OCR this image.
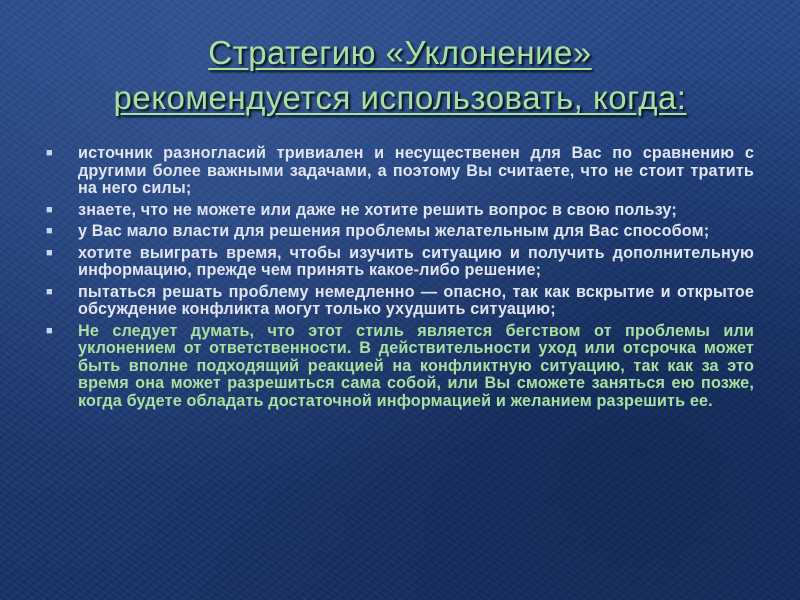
Стратегию «Уклонение»
рекомендуется использовать, когда:
■ источник разногласий тривиален и несущественен для Вас по сравнению с другими более важными задачами, а поэтому Вы считаете, что не стоит тратить на него силы;
■ знаете, что не можете или даже не хотите решить вопрос в свою пользу;
■ у Вас мало власти для решения проблемы желательным для Вас способом;
■ хотите выиграть время, чтобы изучить ситуацию и получить дополнительную информацию, прежде чем принять какое-либо решение;
■ пытаться решать проблему немедленно — опасно, так как вскрытие и открытое обсуждение конфликта могут только ухудшить ситуацию;
■ Не следует думать, что этот стиль является бегством от проблемы или уклонением от ответственности. В действительности уход или отсрочка может быть вполне подходящий реакцией на конфликтную ситуацию, так как за это время она может разрешиться сама собой, или Вы сможете заняться ею позже, когда будете обладать достаточной информацией и желанием разрешить ее.
